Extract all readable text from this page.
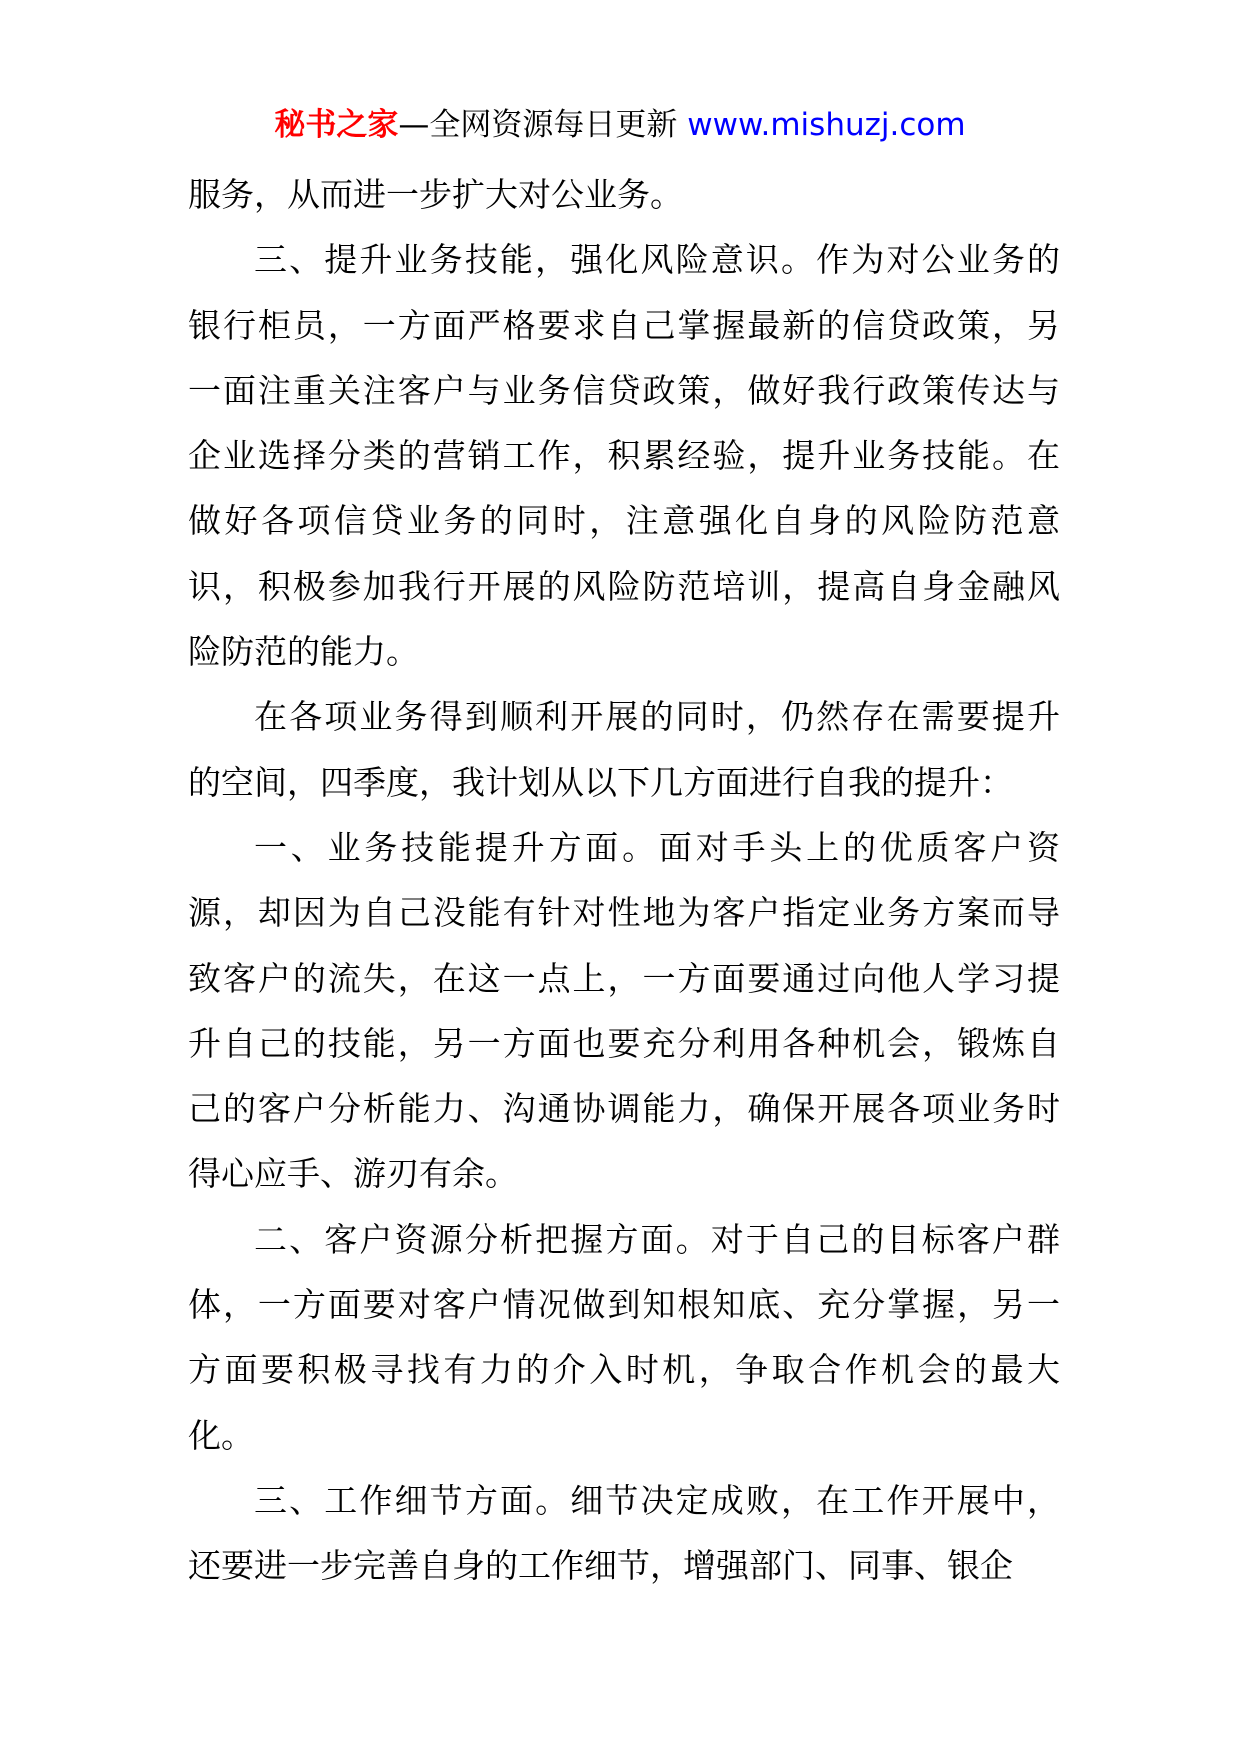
秘书之家—全网资源每日更新 www.mishuzj.com
服务，从而进一步扩大对公业务。
三、提升业务技能，强化风险意识。作为对公业务的
银行柜员，一方面严格要求自己掌握最新的信贷政策，另
一面注重关注客户与业务信贷政策，做好我行政策传达与
企业选择分类的营销工作，积累经验，提升业务技能。在
做好各项信贷业务的同时，注意强化自身的风险防范意
识，积极参加我行开展的风险防范培训，提高自身金融风
险防范的能力。
在各项业务得到顺利开展的同时，仍然存在需要提升
的空间，四季度，我计划从以下几方面进行自我的提升：
一、业务技能提升方面。面对手头上的优质客户资
源，却因为自己没能有针对性地为客户指定业务方案而导
致客户的流失，在这一点上，一方面要通过向他人学习提
升自己的技能，另一方面也要充分利用各种机会，锻炼自
己的客户分析能力、沟通协调能力，确保开展各项业务时
得心应手、游刃有余。
二、客户资源分析把握方面。对于自己的目标客户群
体，一方面要对客户情况做到知根知底、充分掌握，另一
方面要积极寻找有力的介入时机，争取合作机会的最大
化。
三、工作细节方面。细节决定成败，在工作开展中，
还要进一步完善自身的工作细节，增强部门、同事、银企
